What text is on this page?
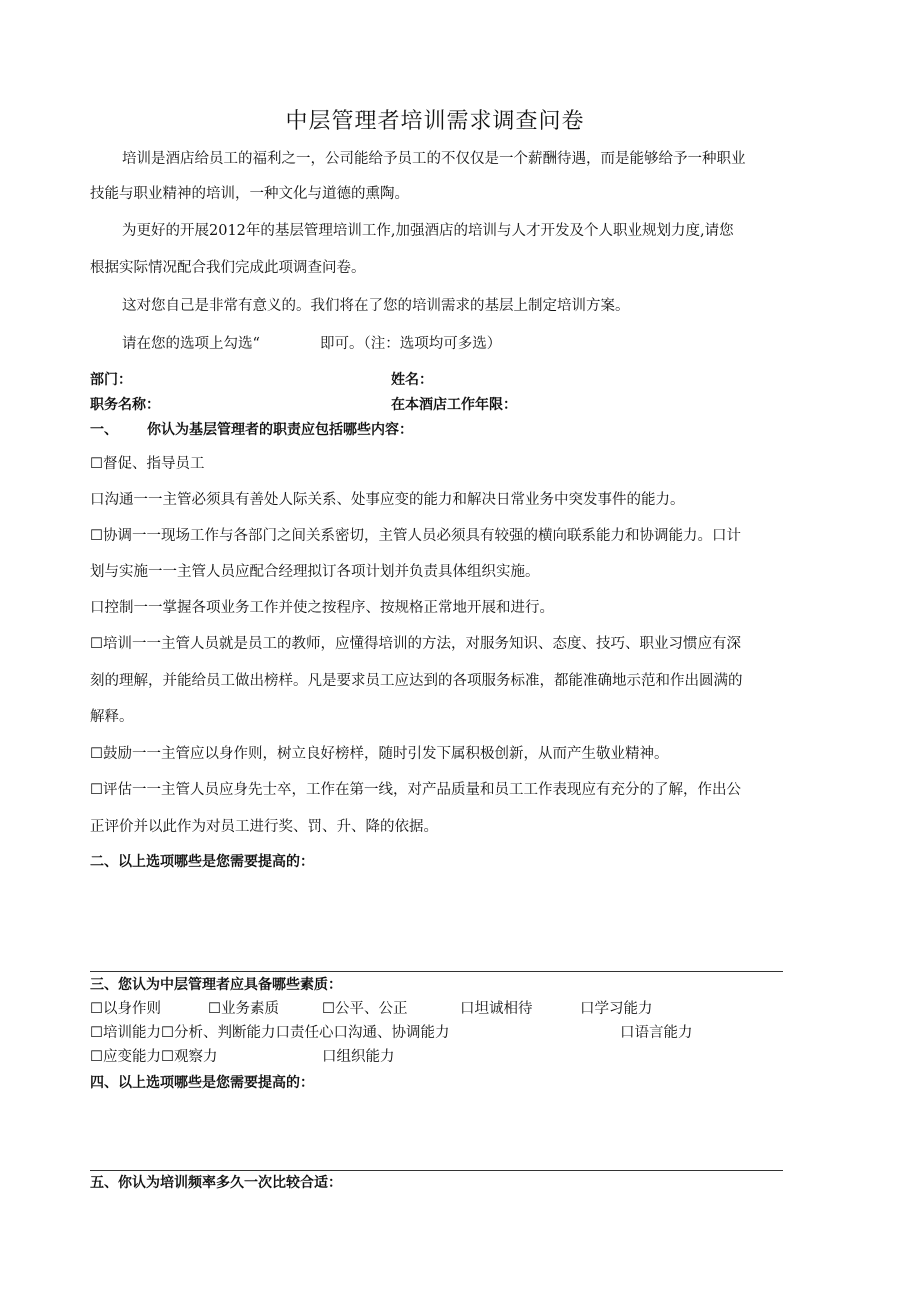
中层管理者培训需求调查问卷
培训是酒店给员工的福利之一，公司能给予员工的不仅仅是一个薪酬待遇，而是能够给予一种职业
技能与职业精神的培训，一种文化与道德的熏陶。
为更好的开展2012年的基层管理培训工作,加强酒店的培训与人才开发及个人职业规划力度,请您
根据实际情况配合我们完成此项调查问卷。
这对您自己是非常有意义的。我们将在了您的培训需求的基层上制定培训方案。
请在您的选项上勾选“	即可。（注：选项均可多选）
部门：	姓名：
职务名称：	在本酒店工作年限：
一、 你认为基层管理者的职责应包括哪些内容：
☐督促、指导员工
口沟通一一主管必须具有善处人际关系、处事应变的能力和解决日常业务中突发事件的能力。
☐协调一一现场工作与各部门之间关系密切，主管人员必须具有较强的横向联系能力和协调能力。口计
划与实施一一主管人员应配合经理拟订各项计划并负责具体组织实施。
口控制一一掌握各项业务工作并使之按程序、按规格正常地开展和进行。
☐培训一一主管人员就是员工的教师，应懂得培训的方法，对服务知识、态度、技巧、职业习惯应有深
刻的理解，并能给员工做出榜样。凡是要求员工应达到的各项服务标准，都能准确地示范和作出圆满的
解释。
☐鼓励一一主管应以身作则，树立良好榜样，随时引发下属积极创新，从而产生敬业精神。
☐评估一一主管人员应身先士卒，工作在第一线，对产品质量和员工工作表现应有充分的了解，作出公
正评价并以此作为对员工进行奖、罚、升、降的依据。
二、以上选项哪些是您需要提高的：
三、您认为中层管理者应具备哪些素质：
☐以身作则	☐业务素质	☐公平、公正	口坦诚相待	口学习能力
☐培训能力☐分析、判断能力口责任心口沟通、协调能力	口语言能力
☐应变能力☐观察力	口组织能力
四、以上选项哪些是您需要提高的：
五、你认为培训频率多久一次比较合适：
